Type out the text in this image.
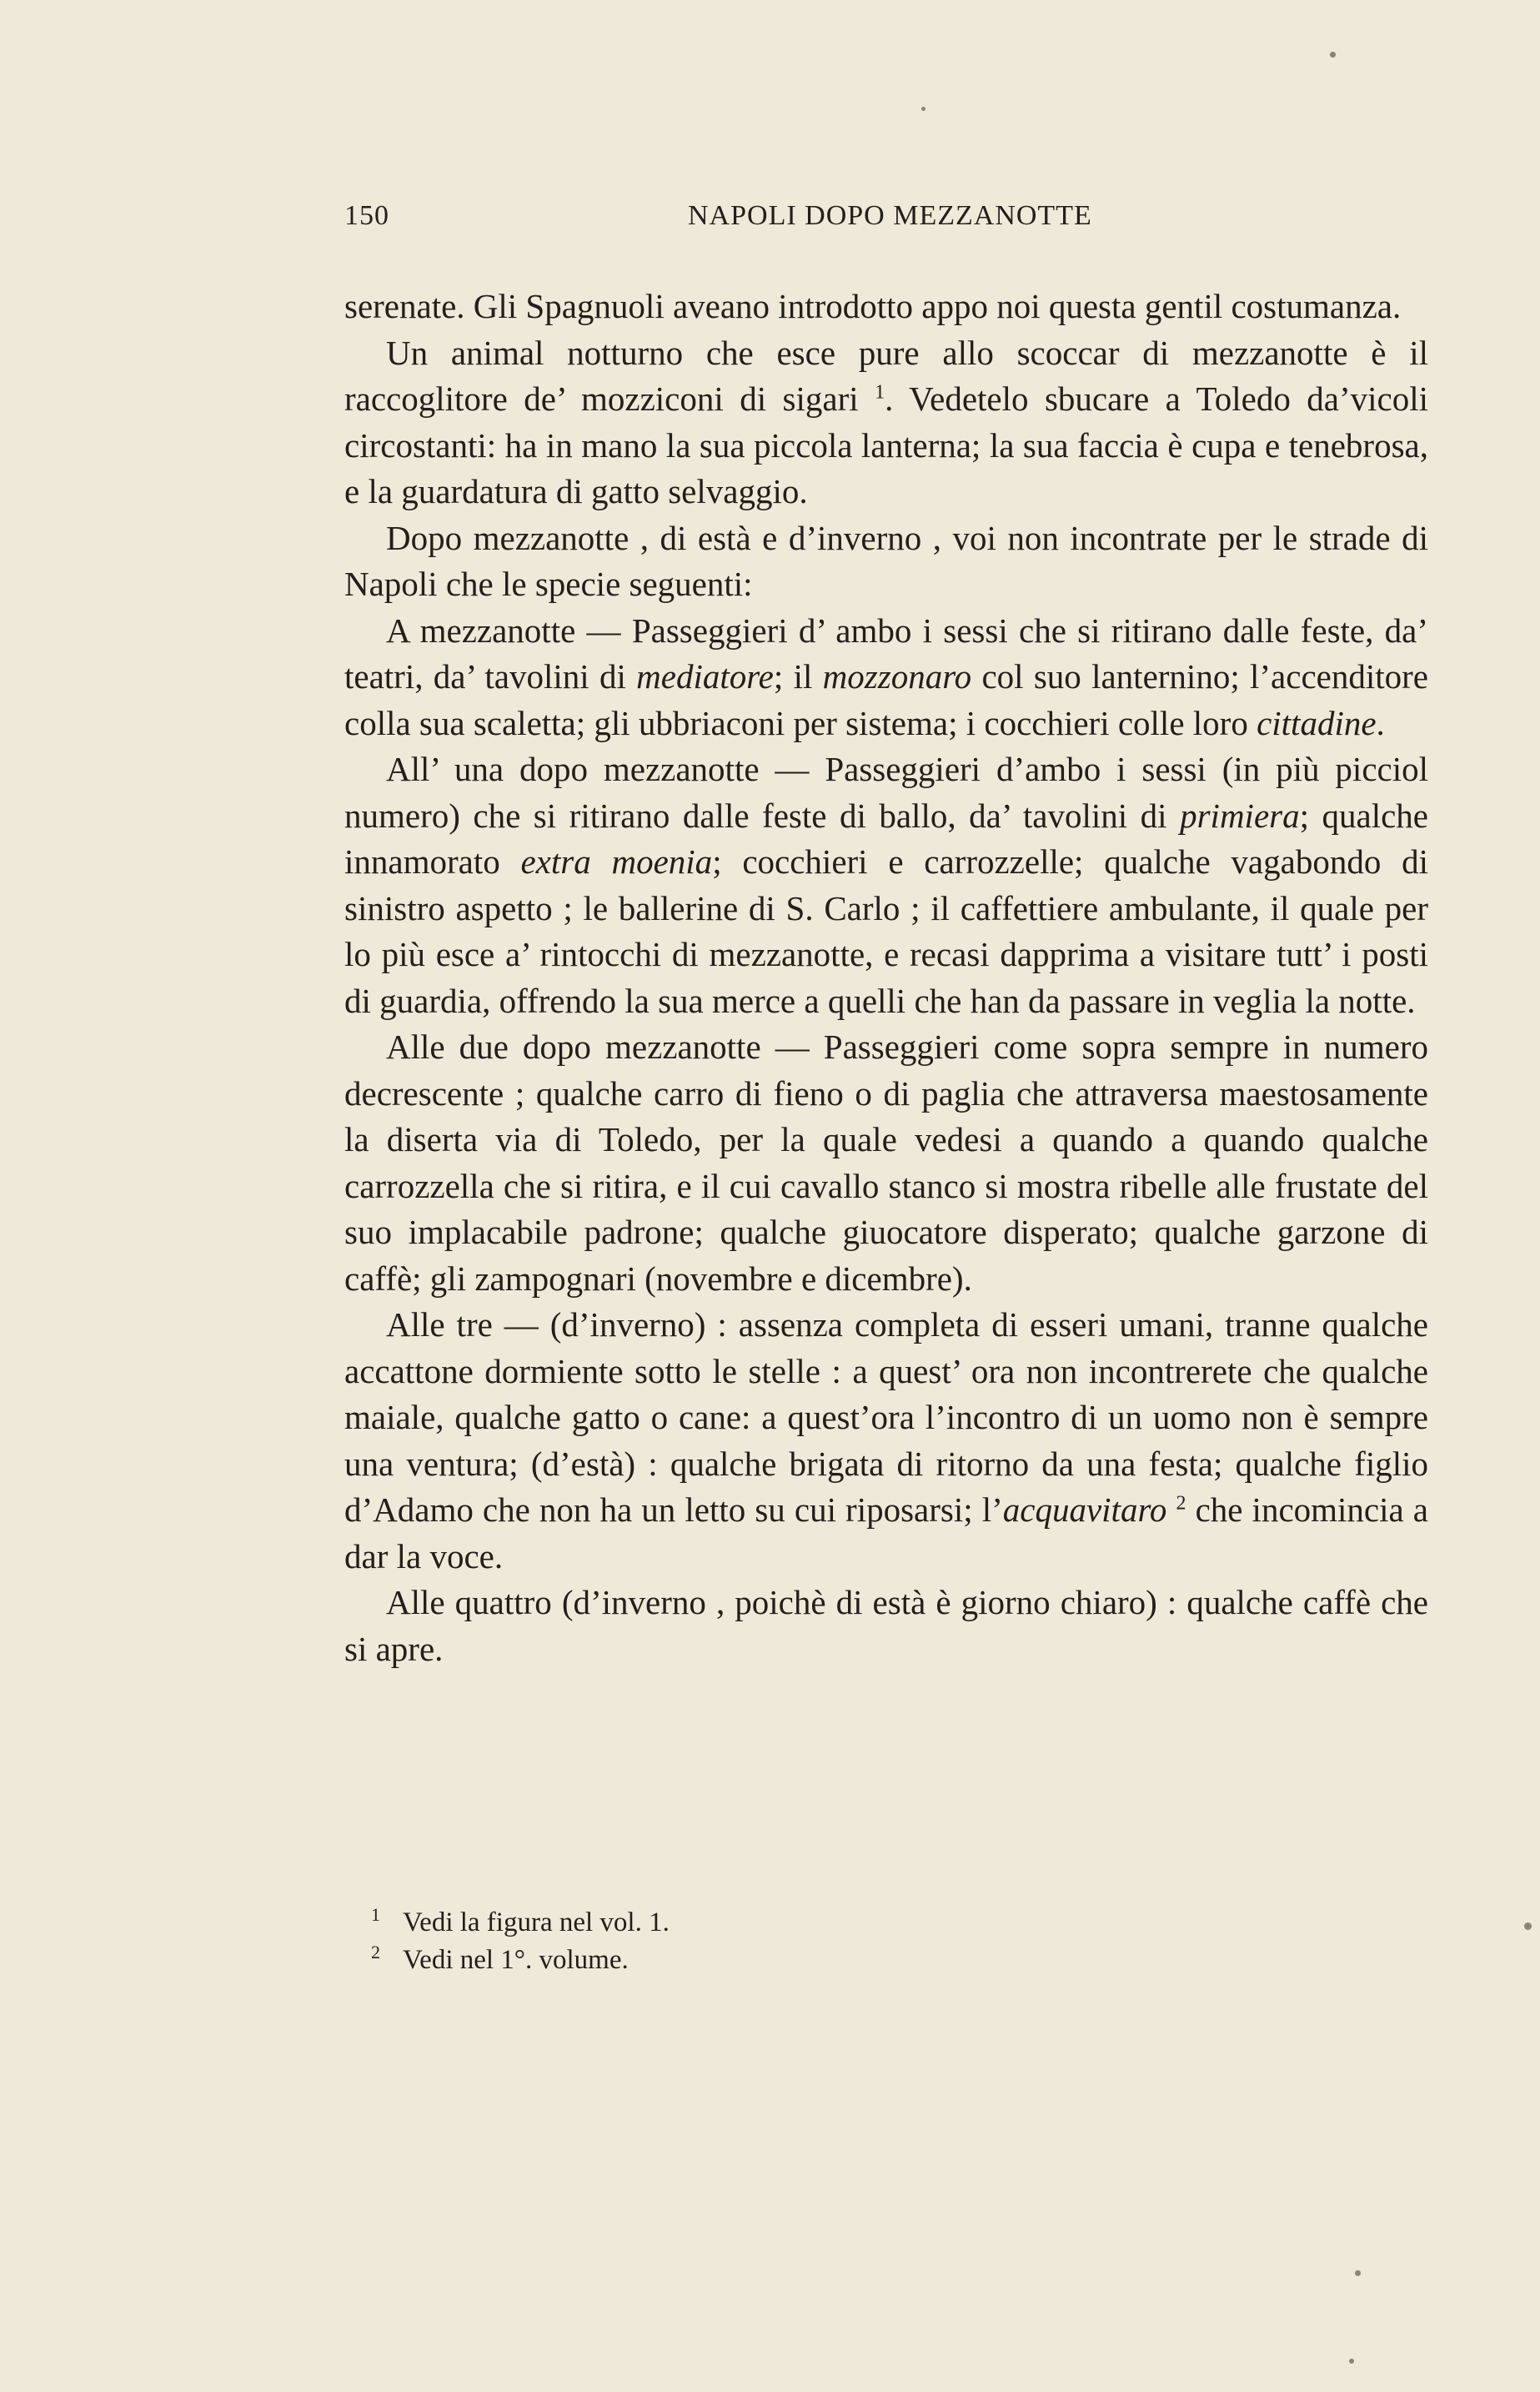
150	NAPOLI DOPO MEZZANOTTE

serenate. Gli Spagnuoli aveano introdotto appo noi questa gentil costumanza.

Un animal notturno che esce pure allo scoccar di mezzanotte è il raccoglitore de’ mozziconi di sigari $^1$. Vedetelo sbucare a Toledo da’vicoli circostanti: ha in mano la sua piccola lanterna; la sua faccia è cupa e tenebrosa, e la guardatura di gatto selvaggio.

Dopo mezzanotte , di està e d’inverno , voi non incontrate per le strade di Napoli che le specie seguenti:

A mezzanotte — Passeggieri d’ ambo i sessi che si ritirano dalle feste, da’ teatri, da’ tavolini di mediatore; il mozzonaro col suo lanternino; l’accenditore colla sua scaletta; gli ubbriaconi per sistema; i cocchieri colle loro cittadine.

All’ una dopo mezzanotte — Passeggieri d’ambo i sessi (in più picciol numero) che si ritirano dalle feste di ballo, da’ tavolini di primiera; qualche innamorato extra moenia; cocchieri e carrozzelle; qualche vagabondo di sinistro aspetto ; le ballerine di S. Carlo ; il caffettiere ambulante, il quale per lo più esce a’ rintocchi di mezzanotte, e recasi dapprima a visitare tutt’ i posti di guardia, offrendo la sua merce a quelli che han da passare in veglia la notte.

Alle due dopo mezzanotte — Passeggieri come sopra sempre in numero decrescente ; qualche carro di fieno o di paglia che attraversa maestosamente la diserta via di Toledo, per la quale vedesi a quando a quando qualche carrozzella che si ritira, e il cui cavallo stanco si mostra ribelle alle frustate del suo implacabile padrone; qualche giuocatore disperato; qualche garzone di caffè; gli zampognari (novembre e dicembre).

Alle tre — (d’inverno) : assenza completa di esseri umani, tranne qualche accattone dormiente sotto le stelle : a quest’ ora non incontrerete che qualche maiale, qualche gatto o cane: a quest’ora l’incontro di un uomo non è sempre una ventura; (d’està) : qualche brigata di ritorno da una festa; qualche figlio d’Adamo che non ha un letto su cui riposarsi; l’acquavitaro $^2$ che incomincia a dar la voce.

Alle quattro (d’inverno , poichè di està è giorno chiaro) : qualche caffè che si apre.

1 Vedi la figura nel vol. 1.
2 Vedi nel 1°. volume.
